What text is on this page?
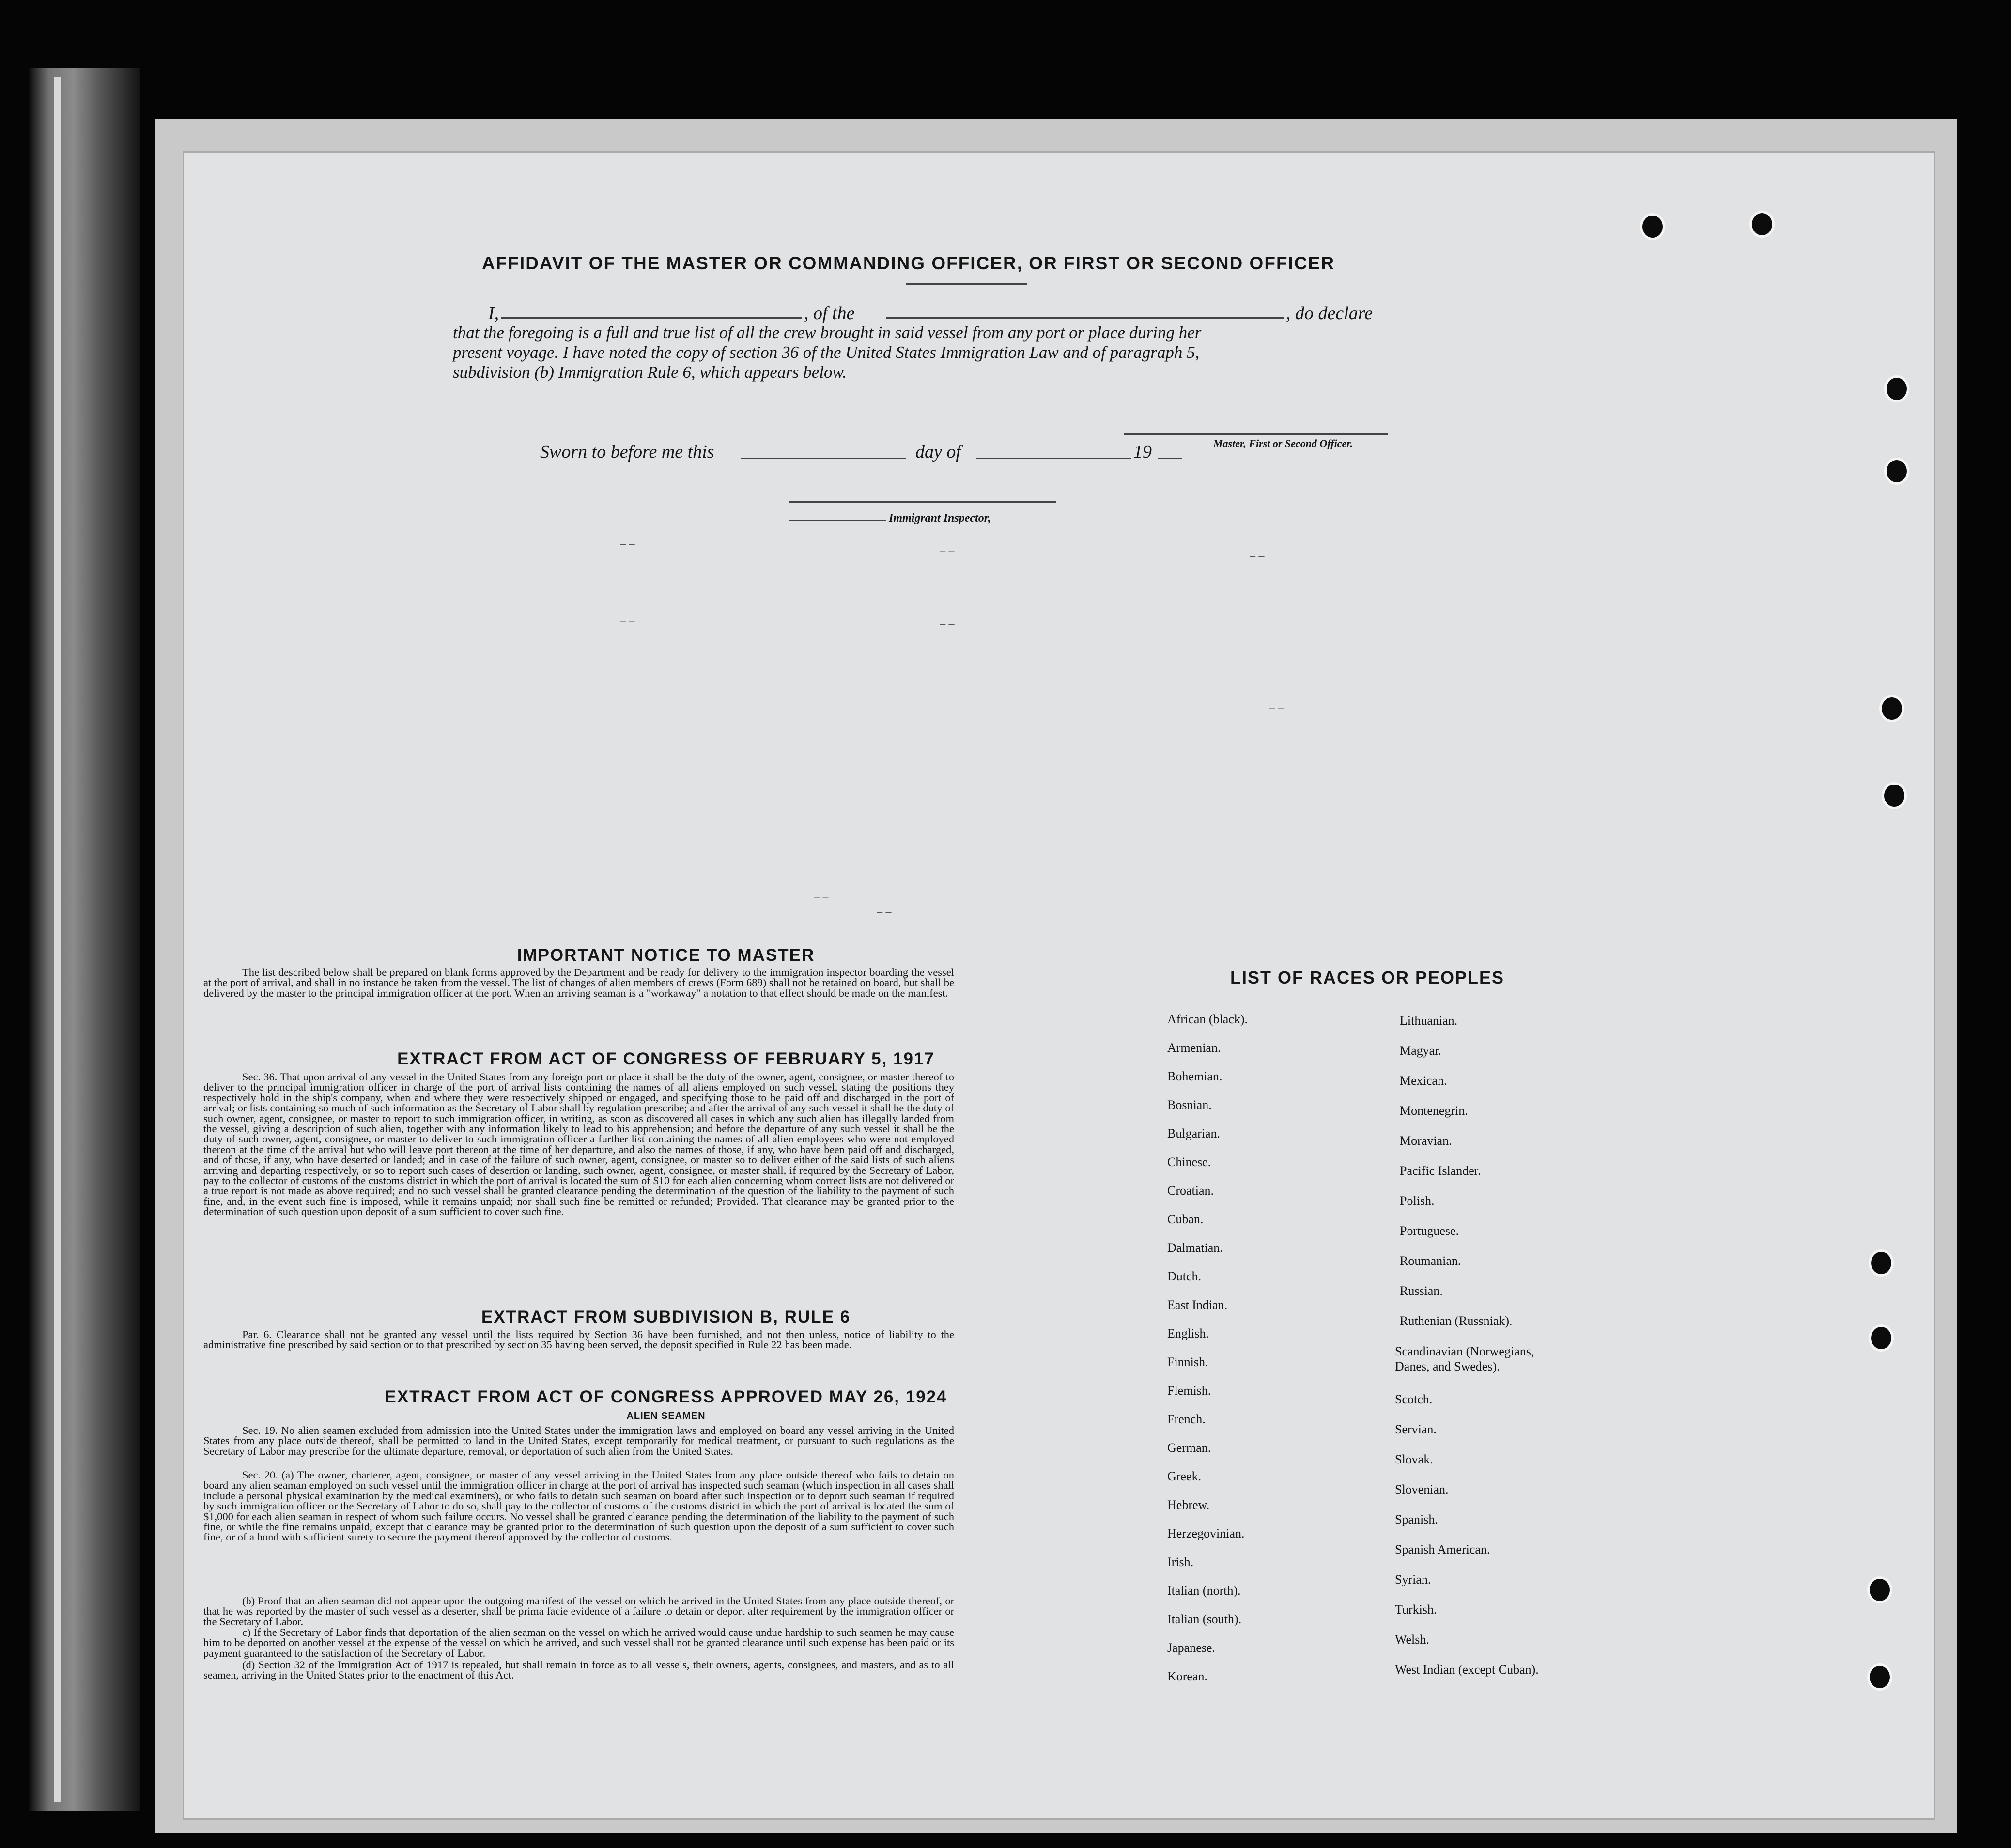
AFFIDAVIT OF THE MASTER OR COMMANDING OFFICER, OR FIRST OR SECOND OFFICER
I,	, of the	, do declare
that the foregoing is a full and true list of all the crew brought in said vessel from any port or place during her
present voyage. I have noted the copy of section 36 of the United States Immigration Law and of paragraph 5,
subdivision (b) Immigration Rule 6, which appears below.
Master, First or Second Officer.
Sworn to before me this	day of	19
Immigrant Inspector,
– –
– –	– –
– –	– –
– –
– –
– –
IMPORTANT NOTICE TO MASTER
The list described below shall be prepared on blank forms approved by the Department and be ready for delivery to the immigration inspector boarding the vessel at the port of arrival, and shall in no instance be taken from the vessel. The list of changes of alien members of crews (Form 689) shall not be retained on board, but shall be delivered by the master to the principal immigration officer at the port. When an arriving seaman is a "workaway" a notation to that effect should be made on the manifest.
EXTRACT FROM ACT OF CONGRESS OF FEBRUARY 5, 1917
Sec. 36. That upon arrival of any vessel in the United States from any foreign port or place it shall be the duty of the owner, agent, consignee, or master thereof to deliver to the principal immigration officer in charge of the port of arrival lists containing the names of all aliens employed on such vessel, stating the positions they respectively hold in the ship's company, when and where they were respectively shipped or engaged, and specifying those to be paid off and discharged in the port of arrival; or lists containing so much of such information as the Secretary of Labor shall by regulation prescribe; and after the arrival of any such vessel it shall be the duty of such owner, agent, consignee, or master to report to such immigration officer, in writing, as soon as discovered all cases in which any such alien has illegally landed from the vessel, giving a description of such alien, together with any information likely to lead to his apprehension; and before the departure of any such vessel it shall be the duty of such owner, agent, consignee, or master to deliver to such immigration officer a further list containing the names of all alien employees who were not employed thereon at the time of the arrival but who will leave port thereon at the time of her departure, and also the names of those, if any, who have been paid off and discharged, and of those, if any, who have deserted or landed; and in case of the failure of such owner, agent, consignee, or master so to deliver either of the said lists of such aliens arriving and departing respectively, or so to report such cases of desertion or landing, such owner, agent, consignee, or master shall, if required by the Secretary of Labor, pay to the collector of customs of the customs district in which the port of arrival is located the sum of $10 for each alien concerning whom correct lists are not delivered or a true report is not made as above required; and no such vessel shall be granted clearance pending the determination of the question of the liability to the payment of such fine, and, in the event such fine is imposed, while it remains unpaid; nor shall such fine be remitted or refunded; Provided. That clearance may be granted prior to the determination of such question upon deposit of a sum sufficient to cover such fine.
EXTRACT FROM SUBDIVISION B, RULE 6
Par. 6. Clearance shall not be granted any vessel until the lists required by Section 36 have been furnished, and not then unless, notice of liability to the administrative fine prescribed by said section or to that prescribed by section 35 having been served, the deposit specified in Rule 22 has been made.
EXTRACT FROM ACT OF CONGRESS APPROVED MAY 26, 1924
ALIEN SEAMEN
Sec. 19. No alien seamen excluded from admission into the United States under the immigration laws and employed on board any vessel arriving in the United States from any place outside thereof, shall be permitted to land in the United States, except temporarily for medical treatment, or pursuant to such regulations as the Secretary of Labor may prescribe for the ultimate departure, removal, or deportation of such alien from the United States.
Sec. 20. (a) The owner, charterer, agent, consignee, or master of any vessel arriving in the United States from any place outside thereof who fails to detain on board any alien seaman employed on such vessel until the immigration officer in charge at the port of arrival has inspected such seaman (which inspection in all cases shall include a personal physical examination by the medical examiners), or who fails to detain such seaman on board after such inspection or to deport such seaman if required by such immigration officer or the Secretary of Labor to do so, shall pay to the collector of customs of the customs district in which the port of arrival is located the sum of $1,000 for each alien seaman in respect of whom such failure occurs. No vessel shall be granted clearance pending the determination of the liability to the payment of such fine, or while the fine remains unpaid, except that clearance may be granted prior to the determination of such question upon the deposit of a sum sufficient to cover such fine, or of a bond with sufficient surety to secure the payment thereof approved by the collector of customs.
(b) Proof that an alien seaman did not appear upon the outgoing manifest of the vessel on which he arrived in the United States from any place outside thereof, or that he was reported by the master of such vessel as a deserter, shall be prima facie evidence of a failure to detain or deport after requirement by the immigration officer or the Secretary of Labor.
c) If the Secretary of Labor finds that deportation of the alien seaman on the vessel on which he arrived would cause undue hardship to such seamen he may cause him to be deported on another vessel at the expense of the vessel on which he arrived, and such vessel shall not be granted clearance until such expense has been paid or its payment guaranteed to the satisfaction of the Secretary of Labor.
(d) Section 32 of the Immigration Act of 1917 is repealed, but shall remain in force as to all vessels, their owners, agents, consignees, and masters, and as to all seamen, arriving in the United States prior to the enactment of this Act.
LIST OF RACES OR PEOPLES
African (black).
Armenian.
Bohemian.
Bosnian.
Bulgarian.
Chinese.
Croatian.
Cuban.
Dalmatian.
Dutch.
East Indian.
English.
Finnish.
Flemish.
French.
German.
Greek.
Hebrew.
Herzegovinian.
Irish.
Italian (north).
Italian (south).
Japanese.
Korean.
Lithuanian.
Magyar.
Mexican.
Montenegrin.
Moravian.
Pacific Islander.
Polish.
Portuguese.
Roumanian.
Russian.
Ruthenian (Russniak).
Scandinavian (Norwegians, Danes, and Swedes).
Scotch.
Servian.
Slovak.
Slovenian.
Spanish.
Spanish American.
Syrian.
Turkish.
Welsh.
West Indian (except Cuban).
